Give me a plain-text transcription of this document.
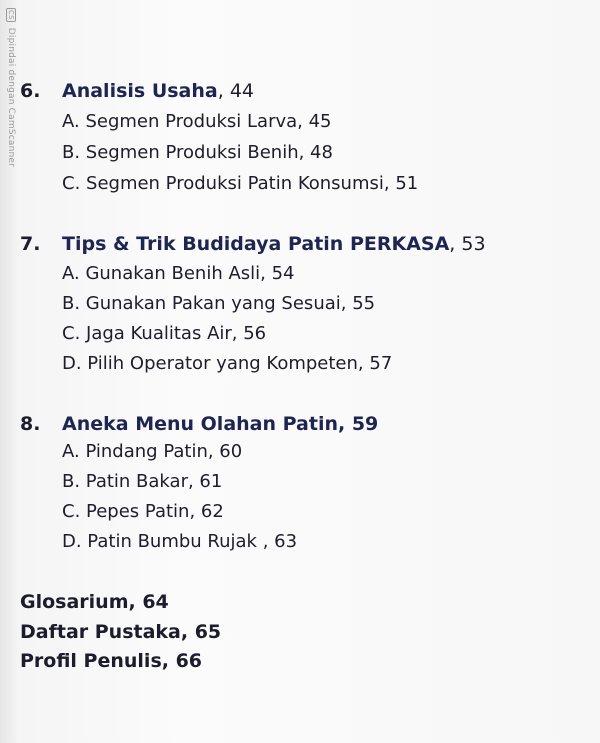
CS Dipindai dengan CamScanner 6. Analisis Usaha, 44
A. Segmen Produksi Larva, 45
B. Segmen Produksi Benih, 48
C. Segmen Produksi Patin Konsumsi, 51
7. Tips & Trik Budidaya Patin PERKASA, 53
A. Gunakan Benih Asli, 54
B. Gunakan Pakan yang Sesuai, 55
C. Jaga Kualitas Air, 56
D. Pilih Operator yang Kompeten, 57
8. Aneka Menu Olahan Patin, 59
A. Pindang Patin, 60
B. Patin Bakar, 61
C. Pepes Patin, 62
D. Patin Bumbu Rujak , 63
Glosarium, 64
Daftar Pustaka, 65
Profil Penulis, 66
